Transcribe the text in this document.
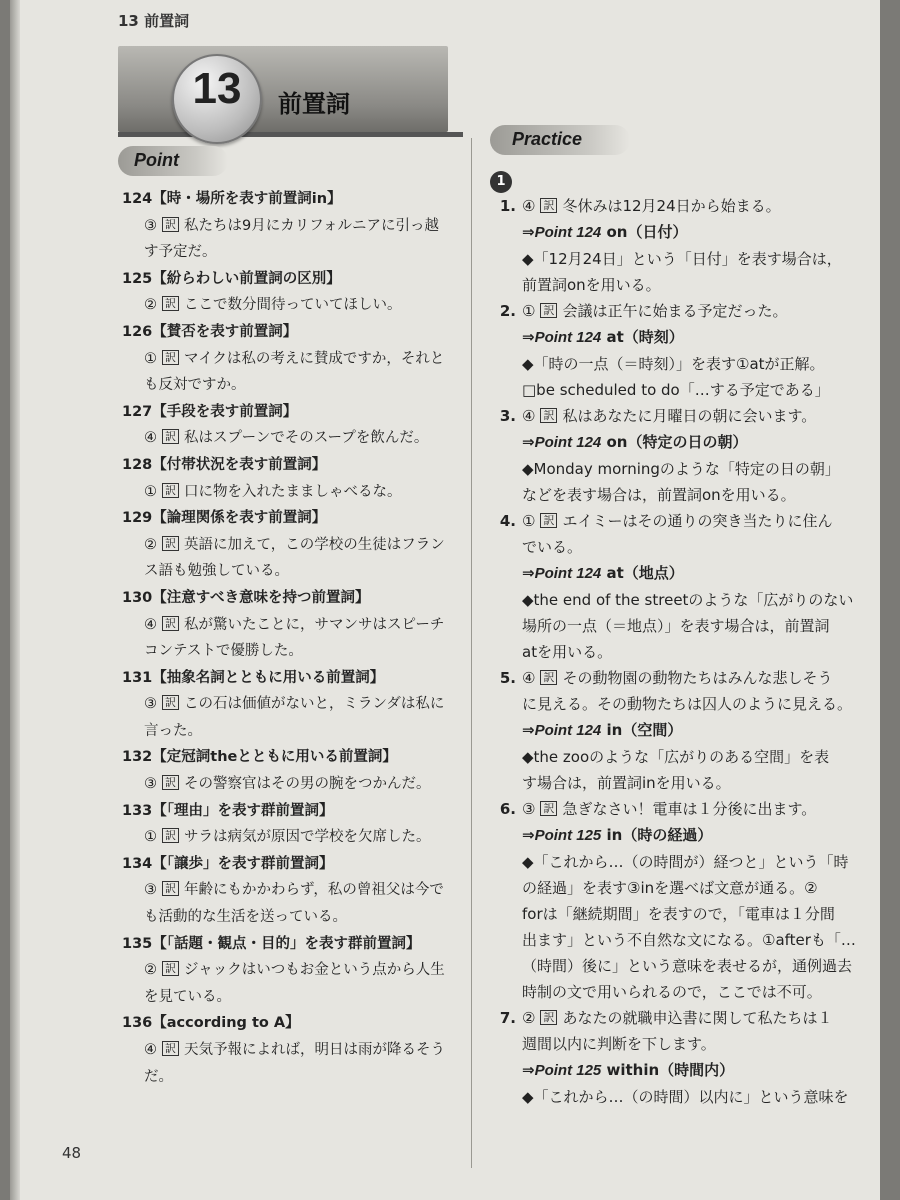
13 前置詞
13	前置詞
Point
Practice
124【時・場所を表す前置詞in】
③ 訳 私たちは9月にカリフォルニアに引っ越
す予定だ。
125【紛らわしい前置詞の区別】
② 訳 ここで数分間待っていてほしい。
126【賛否を表す前置詞】
① 訳 マイクは私の考えに賛成ですか，それと
も反対ですか。
127【手段を表す前置詞】
④ 訳 私はスプーンでそのスープを飲んだ。
128【付帯状況を表す前置詞】
① 訳 口に物を入れたまましゃべるな。
129【論理関係を表す前置詞】
② 訳 英語に加えて，この学校の生徒はフラン
ス語も勉強している。
130【注意すべき意味を持つ前置詞】
④ 訳 私が驚いたことに，サマンサはスピーチ
コンテストで優勝した。
131【抽象名詞とともに用いる前置詞】
③ 訳 この石は価値がないと，ミランダは私に
言った。
132【定冠詞theとともに用いる前置詞】
③ 訳 その警察官はその男の腕をつかんだ。
133【「理由」を表す群前置詞】
① 訳 サラは病気が原因で学校を欠席した。
134【「譲歩」を表す群前置詞】
③ 訳 年齢にもかかわらず，私の曾祖父は今で
も活動的な生活を送っている。
135【「話題・観点・目的」を表す群前置詞】
② 訳 ジャックはいつもお金という点から人生
を見ている。
136【according to A】
④ 訳 天気予報によれば，明日は雨が降るそう
だ。
1
1. ④ 訳 冬休みは12月24日から始まる。
⇒Point 124 on（日付）
◆「12月24日」という「日付」を表す場合は，
前置詞onを用いる。
2. ① 訳 会議は正午に始まる予定だった。
⇒Point 124 at（時刻）
◆「時の一点（＝時刻）」を表す①atが正解。
□be scheduled to do「…する予定である」
3. ④ 訳 私はあなたに月曜日の朝に会います。
⇒Point 124 on（特定の日の朝）
◆Monday morningのような「特定の日の朝」
などを表す場合は，前置詞onを用いる。
4. ① 訳 エイミーはその通りの突き当たりに住ん
でいる。
⇒Point 124 at（地点）
◆the end of the streetのような「広がりのない
場所の一点（＝地点）」を表す場合は，前置詞
atを用いる。
5. ④ 訳 その動物園の動物たちはみんな悲しそう
に見える。その動物たちは囚人のように見える。
⇒Point 124 in（空間）
◆the zooのような「広がりのある空間」を表
す場合は，前置詞inを用いる。
6. ③ 訳 急ぎなさい！電車は１分後に出ます。
⇒Point 125 in（時の経過）
◆「これから…（の時間が）経つと」という「時
の経過」を表す③inを選べば文意が通る。②
forは「継続期間」を表すので，「電車は１分間
出ます」という不自然な文になる。①afterも「…
（時間）後に」という意味を表せるが，通例過去
時制の文で用いられるので，ここでは不可。
7. ② 訳 あなたの就職申込書に関して私たちは１
週間以内に判断を下します。
⇒Point 125 within（時間内）
◆「これから…（の時間）以内に」という意味を
48
